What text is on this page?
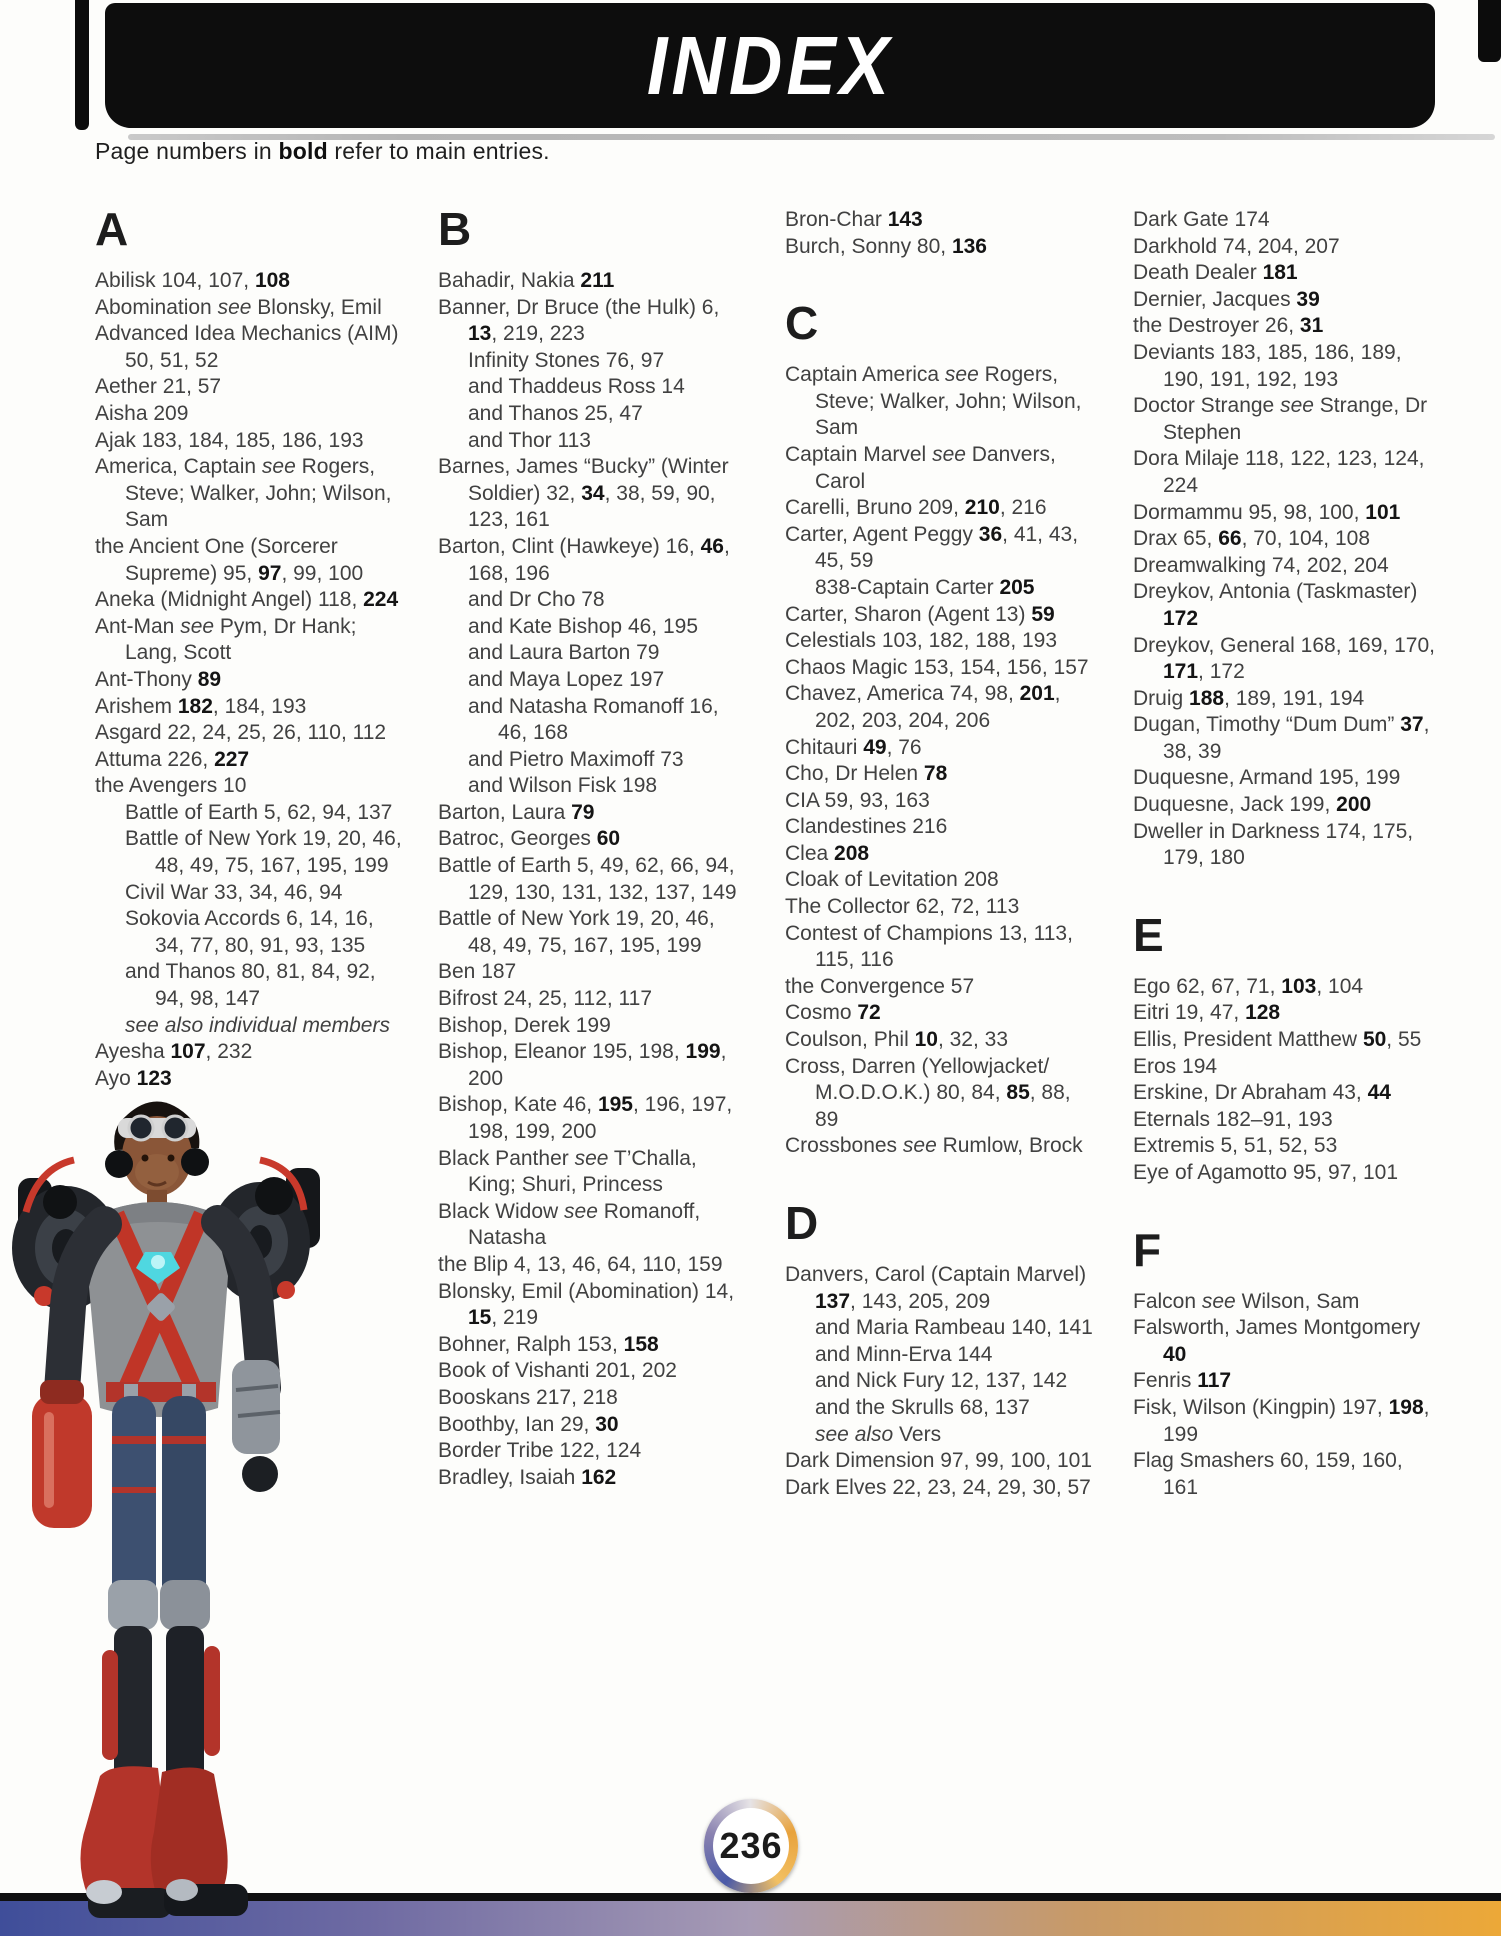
INDEX

Page numbers in bold refer to main entries.

A
Abilisk 104, 107, 108
Abomination see Blonsky, Emil
Advanced Idea Mechanics (AIM) 50, 51, 52
Aether 21, 57
Aisha 209
Ajak 183, 184, 185, 186, 193
America, Captain see Rogers, Steve; Walker, John; Wilson, Sam
the Ancient One (Sorcerer Supreme) 95, 97, 99, 100
Aneka (Midnight Angel) 118, 224
Ant-Man see Pym, Dr Hank; Lang, Scott
Ant-Thony 89
Arishem 182, 184, 193
Asgard 22, 24, 25, 26, 110, 112
Attuma 226, 227
the Avengers 10
Battle of Earth 5, 62, 94, 137
Battle of New York 19, 20, 46, 48, 49, 75, 167, 195, 199
Civil War 33, 34, 46, 94
Sokovia Accords 6, 14, 16, 34, 77, 80, 91, 93, 135
and Thanos 80, 81, 84, 92, 94, 98, 147
see also individual members
Ayesha 107, 232
Ayo 123
B
Bahadir, Nakia 211
Banner, Dr Bruce (the Hulk) 6, 13, 219, 223
Infinity Stones 76, 97
and Thaddeus Ross 14
and Thanos 25, 47
and Thor 113
Barnes, James “Bucky” (Winter Soldier) 32, 34, 38, 59, 90, 123, 161
Barton, Clint (Hawkeye) 16, 46, 168, 196
and Dr Cho 78
and Kate Bishop 46, 195
and Laura Barton 79
and Maya Lopez 197
and Natasha Romanoff 16, 46, 168
and Pietro Maximoff 73
and Wilson Fisk 198
Barton, Laura 79
Batroc, Georges 60
Battle of Earth 5, 49, 62, 66, 94, 129, 130, 131, 132, 137, 149
Battle of New York 19, 20, 46, 48, 49, 75, 167, 195, 199
Ben 187
Bifrost 24, 25, 112, 117
Bishop, Derek 199
Bishop, Eleanor 195, 198, 199, 200
Bishop, Kate 46, 195, 196, 197, 198, 199, 200
Black Panther see T’Challa, King; Shuri, Princess
Black Widow see Romanoff, Natasha
the Blip 4, 13, 46, 64, 110, 159
Blonsky, Emil (Abomination) 14, 15, 219
Bohner, Ralph 153, 158
Book of Vishanti 201, 202
Booskans 217, 218
Boothby, Ian 29, 30
Border Tribe 122, 124
Bradley, Isaiah 162
Bron-Char 143
Burch, Sonny 80, 136
C
Captain America see Rogers, Steve; Walker, John; Wilson, Sam
Captain Marvel see Danvers, Carol
Carelli, Bruno 209, 210, 216
Carter, Agent Peggy 36, 41, 43, 45, 59
838-Captain Carter 205
Carter, Sharon (Agent 13) 59
Celestials 103, 182, 188, 193
Chaos Magic 153, 154, 156, 157
Chavez, America 74, 98, 201, 202, 203, 204, 206
Chitauri 49, 76
Cho, Dr Helen 78
CIA 59, 93, 163
Clandestines 216
Clea 208
Cloak of Levitation 208
The Collector 62, 72, 113
Contest of Champions 13, 113, 115, 116
the Convergence 57
Cosmo 72
Coulson, Phil 10, 32, 33
Cross, Darren (Yellowjacket/ M.O.D.O.K.) 80, 84, 85, 88, 89
Crossbones see Rumlow, Brock
D
Danvers, Carol (Captain Marvel) 137, 143, 205, 209
and Maria Rambeau 140, 141
and Minn-Erva 144
and Nick Fury 12, 137, 142
and the Skrulls 68, 137
see also Vers
Dark Dimension 97, 99, 100, 101
Dark Elves 22, 23, 24, 29, 30, 57
Dark Gate 174
Darkhold 74, 204, 207
Death Dealer 181
Dernier, Jacques 39
the Destroyer 26, 31
Deviants 183, 185, 186, 189, 190, 191, 192, 193
Doctor Strange see Strange, Dr Stephen
Dora Milaje 118, 122, 123, 124, 224
Dormammu 95, 98, 100, 101
Drax 65, 66, 70, 104, 108
Dreamwalking 74, 202, 204
Dreykov, Antonia (Taskmaster) 172
Dreykov, General 168, 169, 170, 171, 172
Druig 188, 189, 191, 194
Dugan, Timothy “Dum Dum” 37, 38, 39
Duquesne, Armand 195, 199
Duquesne, Jack 199, 200
Dweller in Darkness 174, 175, 179, 180
E
Ego 62, 67, 71, 103, 104
Eitri 19, 47, 128
Ellis, President Matthew 50, 55
Eros 194
Erskine, Dr Abraham 43, 44
Eternals 182–91, 193
Extremis 5, 51, 52, 53
Eye of Agamotto 95, 97, 101
F
Falcon see Wilson, Sam
Falsworth, James Montgomery 40
Fenris 117
Fisk, Wilson (Kingpin) 197, 198, 199
Flag Smashers 60, 159, 160, 161
236
